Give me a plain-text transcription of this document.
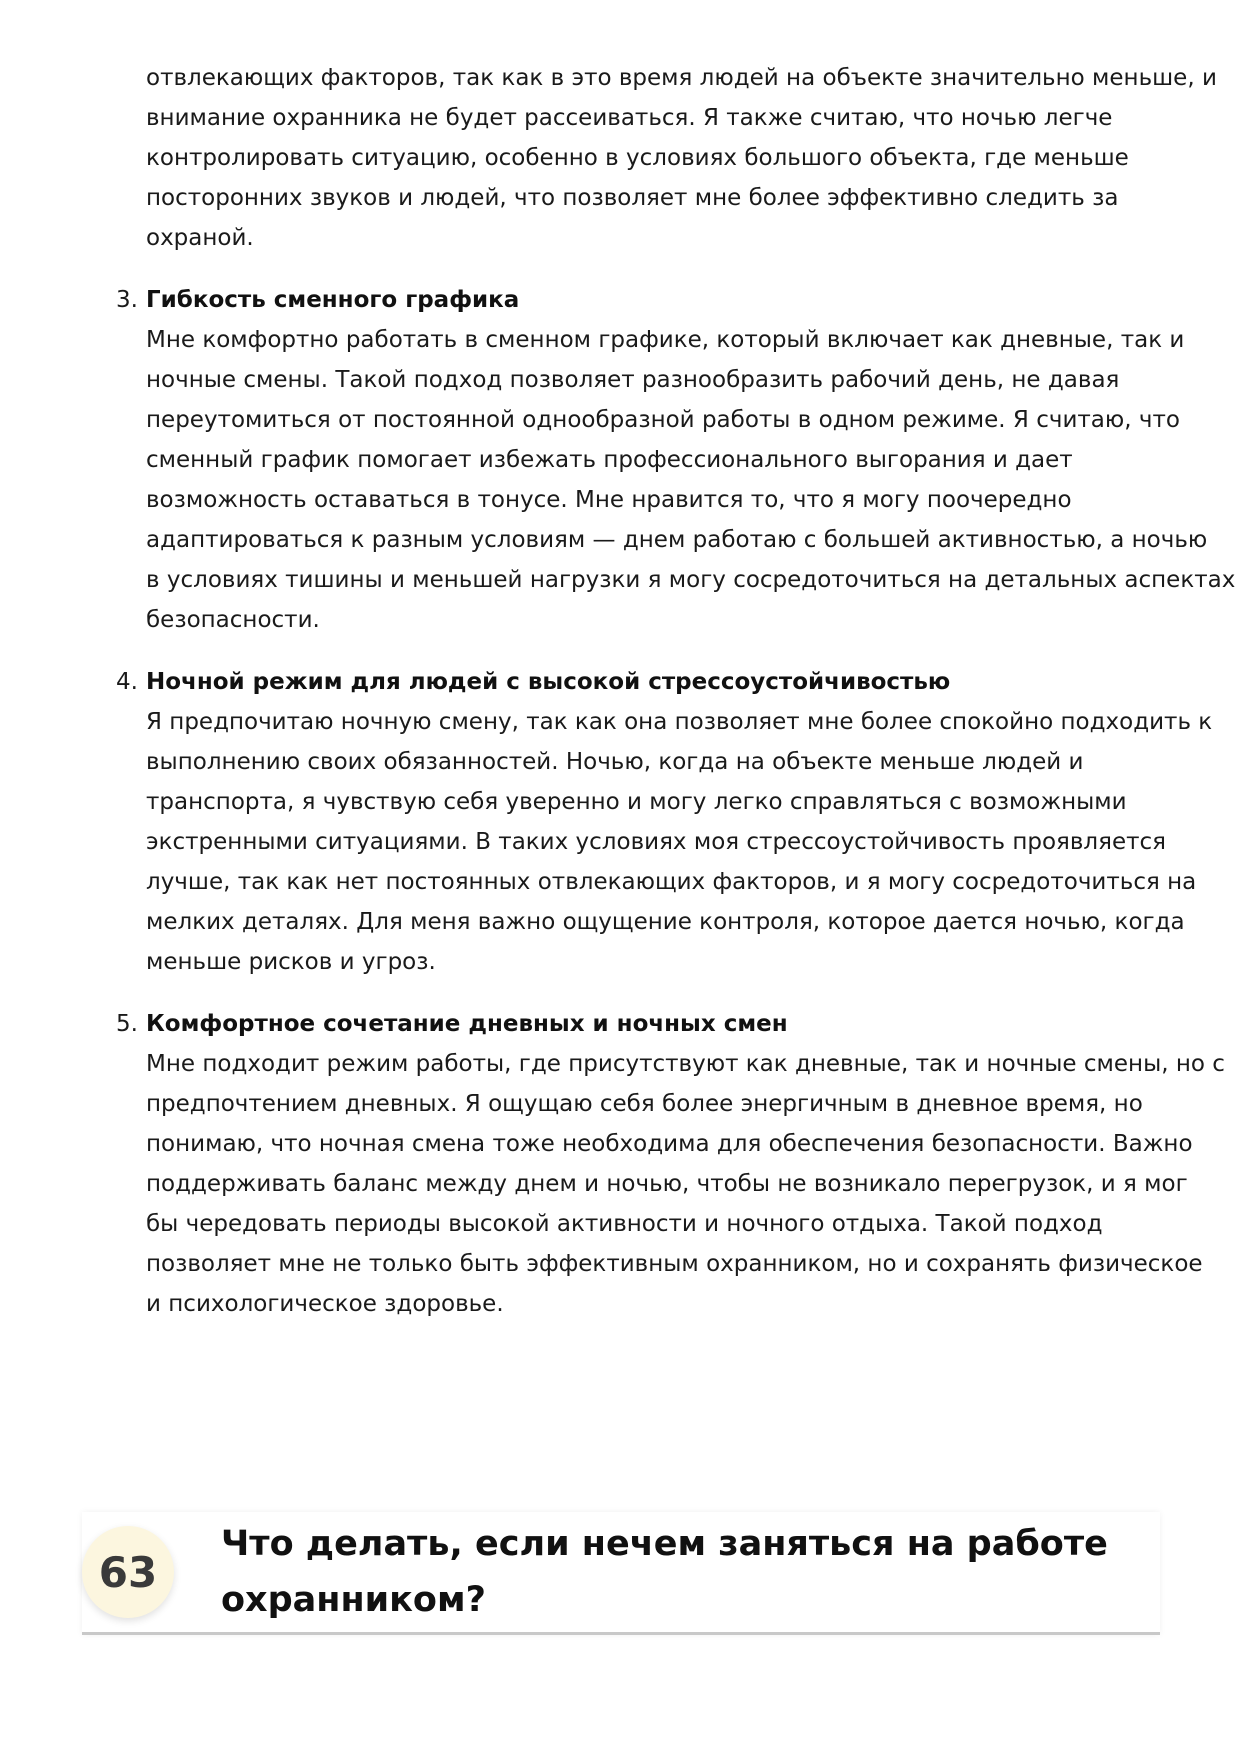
отвлекающих факторов, так как в это время людей на объекте значительно меньше, и
внимание охранника не будет рассеиваться. Я также считаю, что ночью легче
контролировать ситуацию, особенно в условиях большого объекта, где меньше
посторонних звуков и людей, что позволяет мне более эффективно следить за
охраной.
3. Гибкость сменного графика
Мне комфортно работать в сменном графике, который включает как дневные, так и
ночные смены. Такой подход позволяет разнообразить рабочий день, не давая
переутомиться от постоянной однообразной работы в одном режиме. Я считаю, что
сменный график помогает избежать профессионального выгорания и дает
возможность оставаться в тонусе. Мне нравится то, что я могу поочередно
адаптироваться к разным условиям — днем работаю с большей активностью, а ночью
в условиях тишины и меньшей нагрузки я могу сосредоточиться на детальных аспектах
безопасности.
4. Ночной режим для людей с высокой стрессоустойчивостью
Я предпочитаю ночную смену, так как она позволяет мне более спокойно подходить к
выполнению своих обязанностей. Ночью, когда на объекте меньше людей и
транспорта, я чувствую себя уверенно и могу легко справляться с возможными
экстренными ситуациями. В таких условиях моя стрессоустойчивость проявляется
лучше, так как нет постоянных отвлекающих факторов, и я могу сосредоточиться на
мелких деталях. Для меня важно ощущение контроля, которое дается ночью, когда
меньше рисков и угроз.
5. Комфортное сочетание дневных и ночных смен
Мне подходит режим работы, где присутствуют как дневные, так и ночные смены, но с
предпочтением дневных. Я ощущаю себя более энергичным в дневное время, но
понимаю, что ночная смена тоже необходима для обеспечения безопасности. Важно
поддерживать баланс между днем и ночью, чтобы не возникало перегрузок, и я мог
бы чередовать периоды высокой активности и ночного отдыха. Такой подход
позволяет мне не только быть эффективным охранником, но и сохранять физическое
и психологическое здоровье.
63
Что делать, если нечем заняться на работе
охранником?
